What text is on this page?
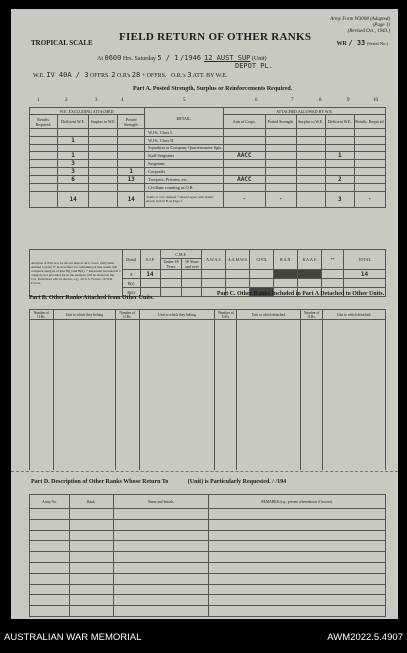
Army Form W3008 (Adapted)
(Page 1)
(Revised Oct., 1943.)
FIELD RETURN OF OTHER RANKS
TROPICAL SCALE	WR / 33 (Serial No.)
At 0600 Hrs. Saturday 5 / 1 /1946 12 AUST SUP (Unit)
DEPOT PL.
W.E. IV 40A / 3 OFFRS. 2 O.R's 28 + OFFRS. O.R.'s 3 ATT. BY W.E.
Part A. Posted Strength, Surplus or Reinforcements Required.
1	2	3	4	5	6	7	8	9	10
W.E. EXCLUDING ATTACHED.				DETAIL.	ATTACHED ALLOWED BY W.E.				
Reinfts. Required.	Deficient W.E.	Surplus to W.E.	Posted Strength.		Arm of Corps.	Posted Strength.	Surplus to W.E.	Deficient W.E.	Reinfts. Required.
				W.Os. Class I.					
	1			W.Os. Class II.					
				Squadron or Company Quartermaster Sgts.					
	1			Staff Sergeants	AACC			1	
	3			Sergeants					
	3		1	Corporals					
	6		13	Troopers, Privates, etc.	AACC			2	
				Civilians counting as O.R.					
	14		14	Totals of cols. marked * should agree with details shown in Part B on Page 2.	*	*		3	*
Analysis of Part A to be shown here in ALL cases. Only units entitled to have 'S' in structures for remaining of this return will complete analysis of Part B(i) and B(ii). * Personnel included in a category not provided for in the analysis will be shown in the Col. Particulars will be shown, e.g., 20 U.S. Forces. 10 W.R. Forces.	Detail	A.I.F.	C.M.F.		A.W.A.S.	A.A.M.W.S.	CIVIL	R.A.N.	R.A.A.F.	**	TOTAL
			Under 18 Years	18 Years and over							
	A	14									14
	B(i)										
	B(ii)										
Part B. Other Ranks Attached from Other Units.
Part C. Other Ranks Included in Part A Detached to Other Units.
Number of O.Rs.	Unit to which they belong	Number of O.Rs.	Unit to which they belong	Number of O.Rs.	Unit to which detached.	Number of O.Rs.	Unit to which detached.

Part D. Description of Other Ranks Whose Return To	(Unit) is Particularly Requested. / /194
Army No.	Rank.	Name and Initials.	REMARKS (e.g., present whereabouts if known).

AUSTRALIAN WAR MEMORIAL	AWM2022.5.4907
